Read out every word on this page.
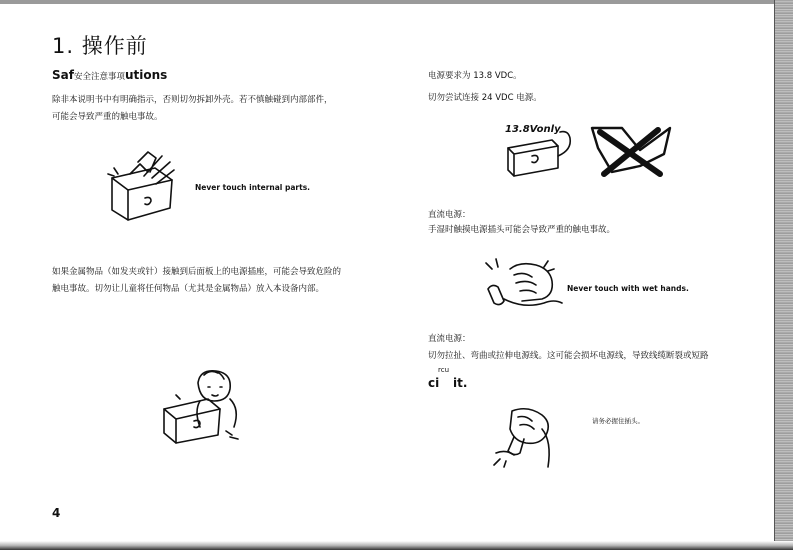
1. 操作前
Saf安全注意事项utions
除非本说明书中有明确指示，否则切勿拆卸外壳。若不慎触碰到内部部件，
可能会导致严重的触电事故。
Never touch internal parts.
如果金属物品（如发夹或针）接触到后面板上的电源插座，可能会导致危险的
触电事故。切勿让儿童将任何物品（尤其是金属物品）放入本设备内部。
电源要求为 13.8 VDC。
切勿尝试连接 24 VDC 电源。
13.8Vonly
直流电源：
手湿时触摸电源插头可能会导致严重的触电事故。
Never touch with wet hands.
直流电源：
切勿拉扯、弯曲或拉伸电源线。这可能会损坏电源线，导致线缆断裂或短路
rcu
ci it.
请务必握住插头。
4
